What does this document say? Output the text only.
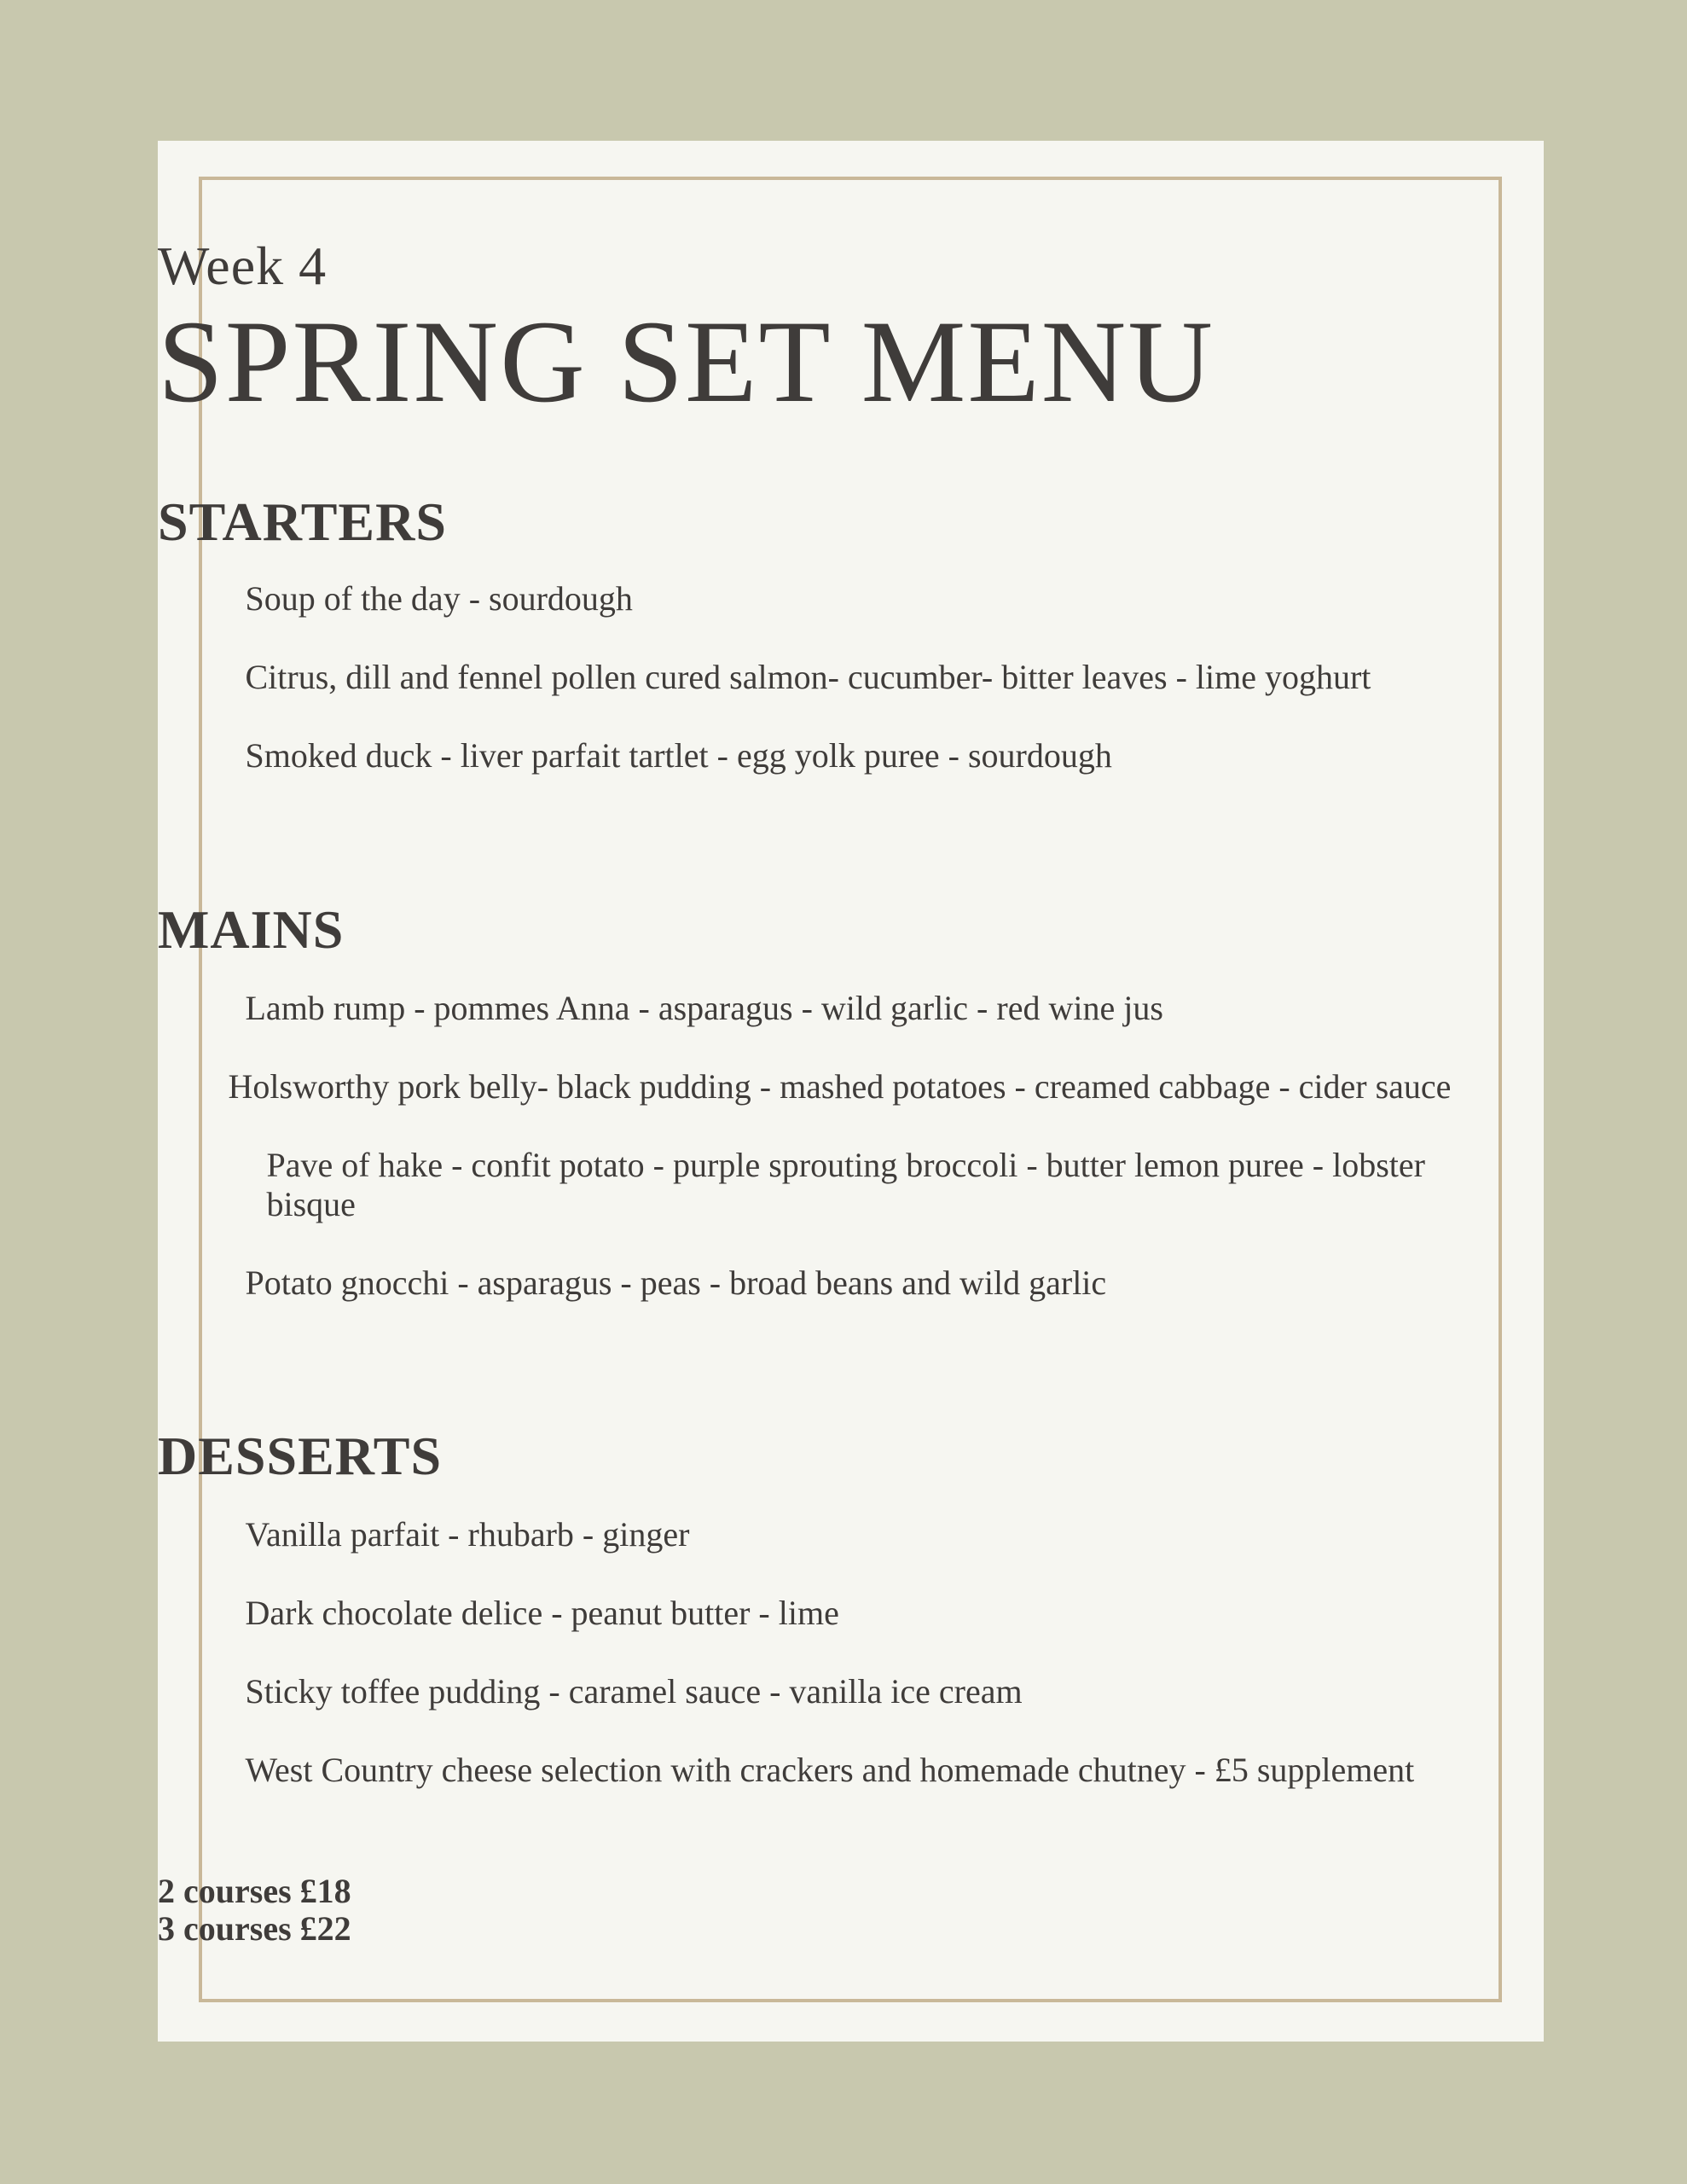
Week 4
SPRING SET MENU
STARTERS

Soup of the day - sourdough

Citrus, dill and fennel pollen cured salmon- cucumber- bitter leaves - lime yoghurt

Smoked duck - liver parfait tartlet - egg yolk puree - sourdough

MAINS

Lamb rump - pommes Anna - asparagus - wild garlic - red wine jus

Holsworthy pork belly- black pudding - mashed potatoes - creamed cabbage - cider sauce

Pave of hake - confit potato - purple sprouting broccoli - butter lemon puree - lobster bisque

Potato gnocchi - asparagus - peas - broad beans and wild garlic

DESSERTS

Vanilla parfait - rhubarb - ginger

Dark chocolate delice - peanut butter - lime

Sticky toffee pudding - caramel sauce - vanilla ice cream

West Country cheese selection with crackers and homemade chutney - £5 supplement

2 courses £18
3 courses £22
